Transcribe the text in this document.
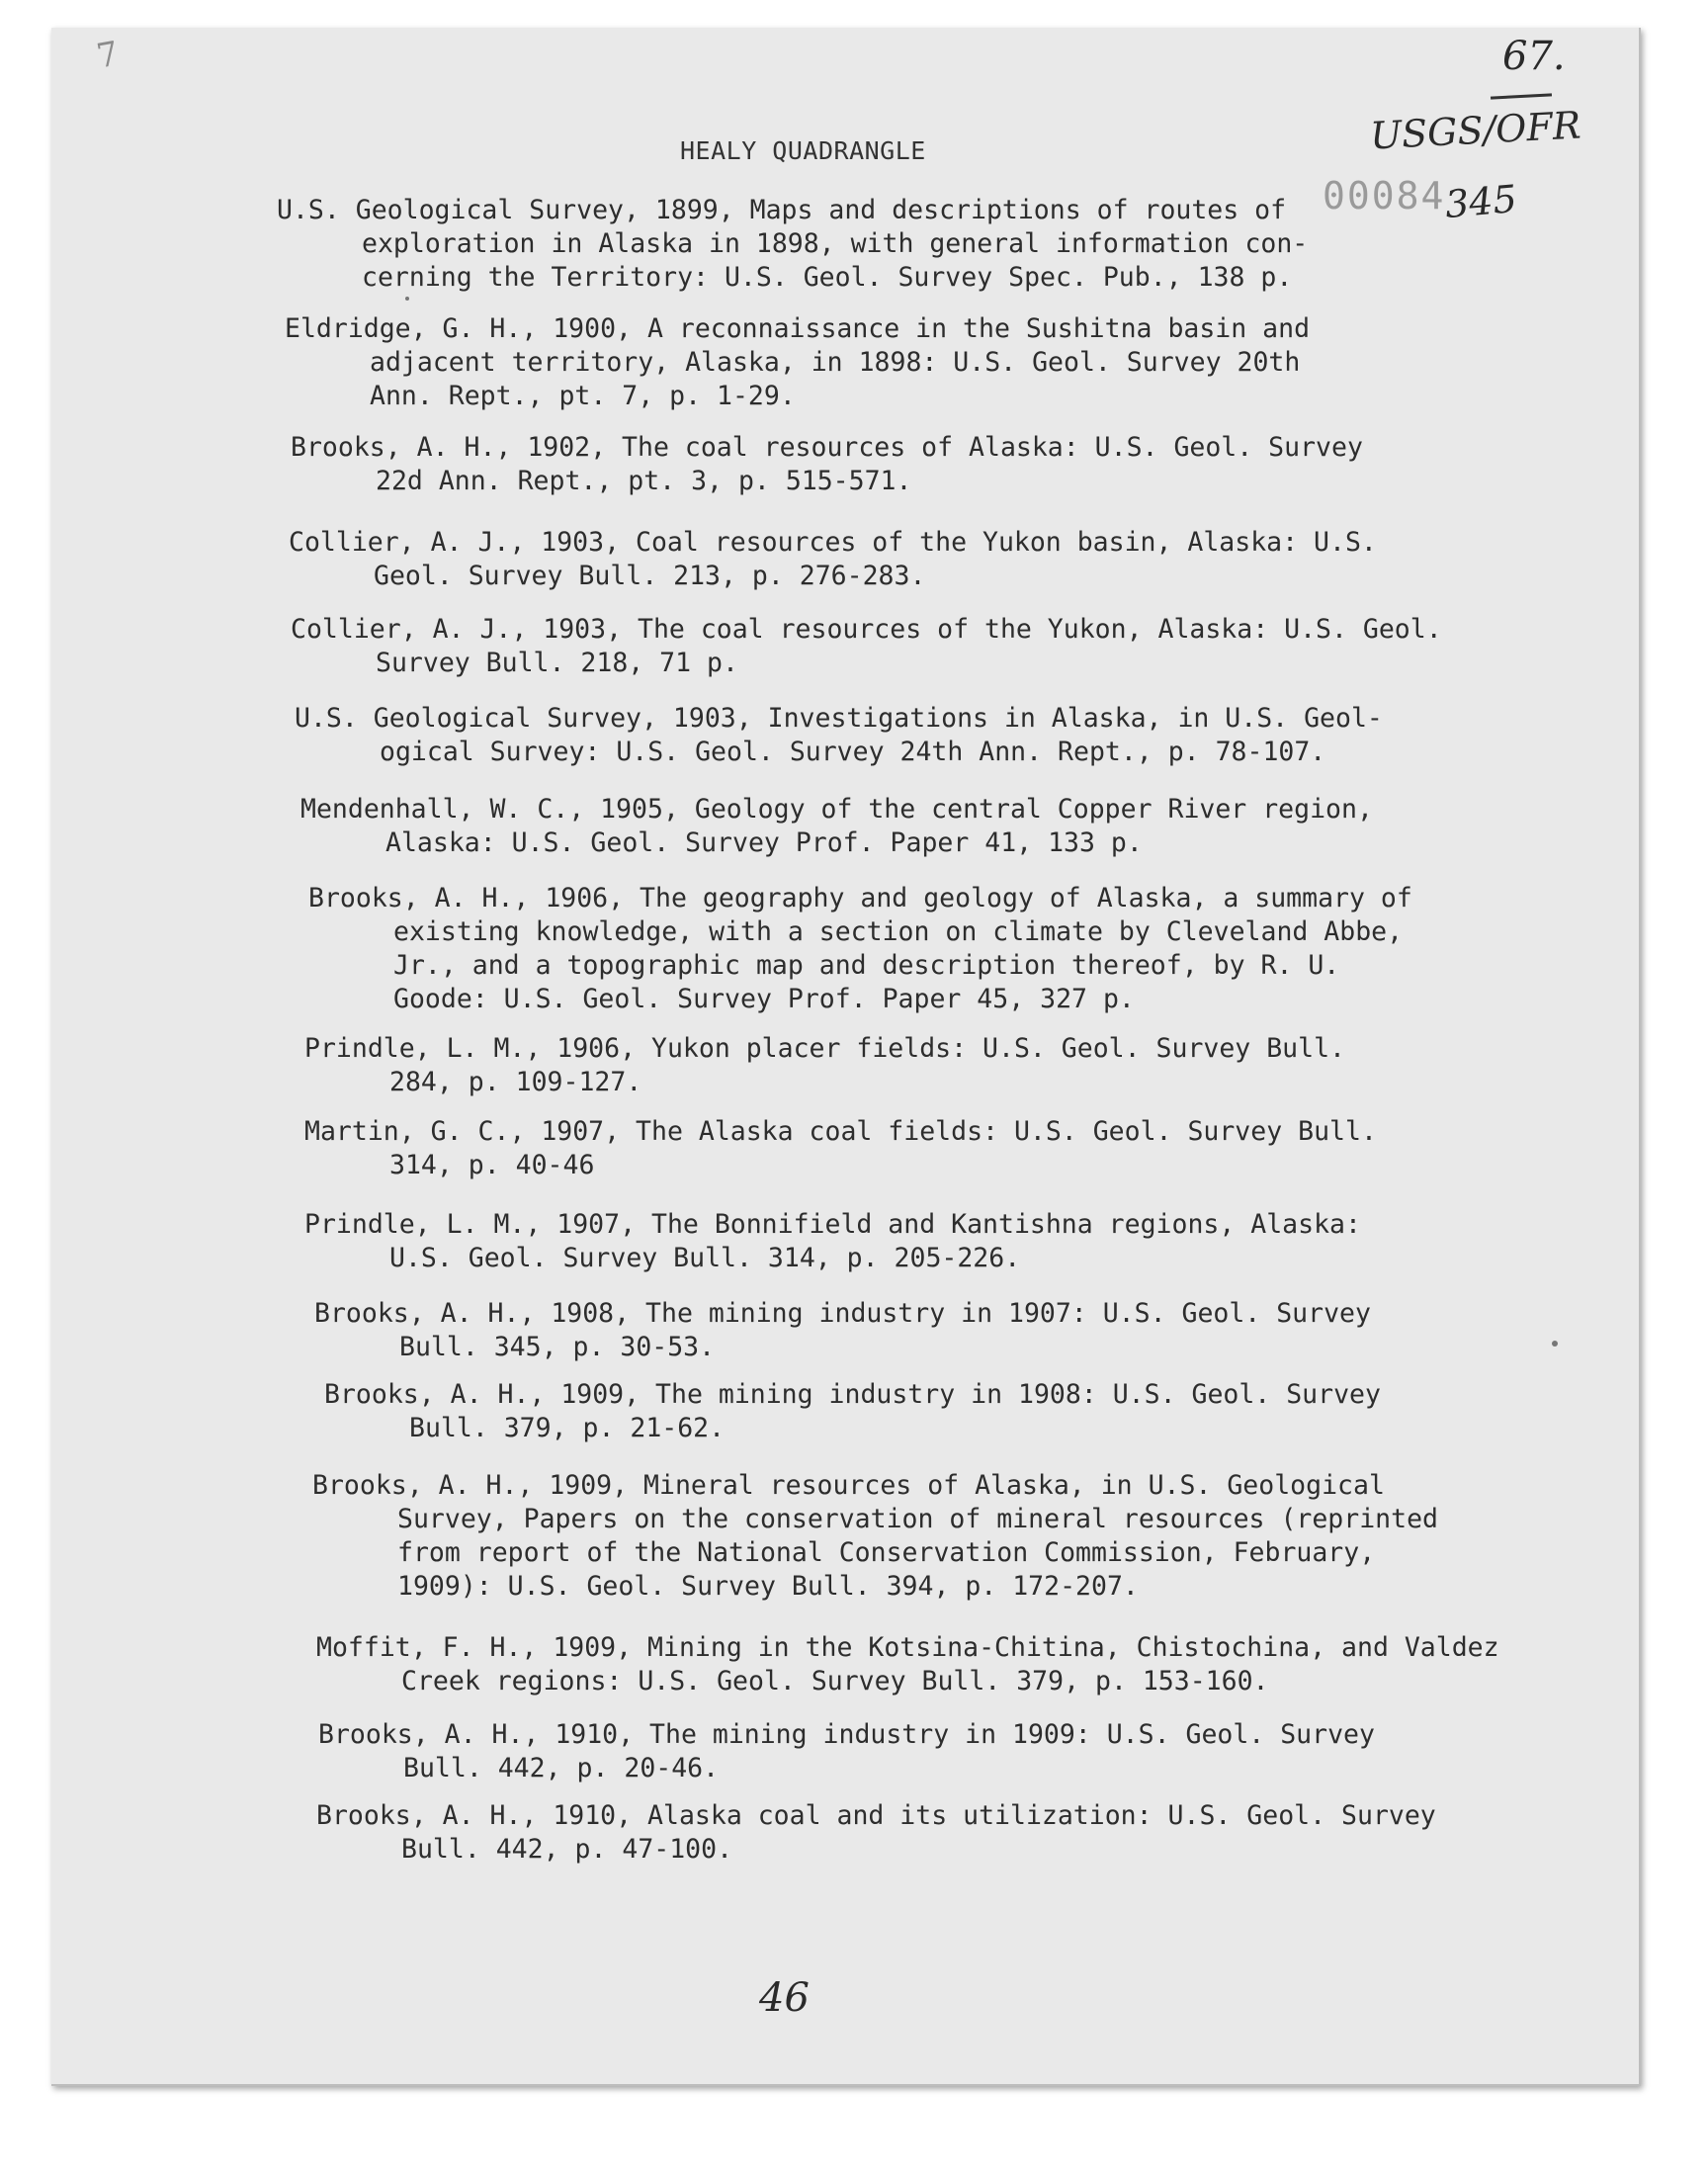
7	67.
USGS/OFR
00084
345
HEALY QUADRANGLE
U.S. Geological Survey, 1899, Maps and descriptions of routes of
exploration in Alaska in 1898, with general information con-
cerning the Territory: U.S. Geol. Survey Spec. Pub., 138 p.
Eldridge, G. H., 1900, A reconnaissance in the Sushitna basin and
adjacent territory, Alaska, in 1898: U.S. Geol. Survey 20th
Ann. Rept., pt. 7, p. 1-29.
Brooks, A. H., 1902, The coal resources of Alaska: U.S. Geol. Survey
22d Ann. Rept., pt. 3, p. 515-571.
Collier, A. J., 1903, Coal resources of the Yukon basin, Alaska: U.S.
Geol. Survey Bull. 213, p. 276-283.
Collier, A. J., 1903, The coal resources of the Yukon, Alaska: U.S. Geol.
Survey Bull. 218, 71 p.
U.S. Geological Survey, 1903, Investigations in Alaska, in U.S. Geol-
ogical Survey: U.S. Geol. Survey 24th Ann. Rept., p. 78-107.
Mendenhall, W. C., 1905, Geology of the central Copper River region,
Alaska: U.S. Geol. Survey Prof. Paper 41, 133 p.
Brooks, A. H., 1906, The geography and geology of Alaska, a summary of
existing knowledge, with a section on climate by Cleveland Abbe,
Jr., and a topographic map and description thereof, by R. U.
Goode: U.S. Geol. Survey Prof. Paper 45, 327 p.
Prindle, L. M., 1906, Yukon placer fields: U.S. Geol. Survey Bull.
284, p. 109-127.
Martin, G. C., 1907, The Alaska coal fields: U.S. Geol. Survey Bull.
314, p. 40-46
Prindle, L. M., 1907, The Bonnifield and Kantishna regions, Alaska:
U.S. Geol. Survey Bull. 314, p. 205-226.
Brooks, A. H., 1908, The mining industry in 1907: U.S. Geol. Survey
Bull. 345, p. 30-53.
Brooks, A. H., 1909, The mining industry in 1908: U.S. Geol. Survey
Bull. 379, p. 21-62.
Brooks, A. H., 1909, Mineral resources of Alaska, in U.S. Geological
Survey, Papers on the conservation of mineral resources (reprinted
from report of the National Conservation Commission, February,
1909): U.S. Geol. Survey Bull. 394, p. 172-207.
Moffit, F. H., 1909, Mining in the Kotsina-Chitina, Chistochina, and Valdez
Creek regions: U.S. Geol. Survey Bull. 379, p. 153-160.
Brooks, A. H., 1910, The mining industry in 1909: U.S. Geol. Survey
Bull. 442, p. 20-46.
Brooks, A. H., 1910, Alaska coal and its utilization: U.S. Geol. Survey
Bull. 442, p. 47-100.
46
